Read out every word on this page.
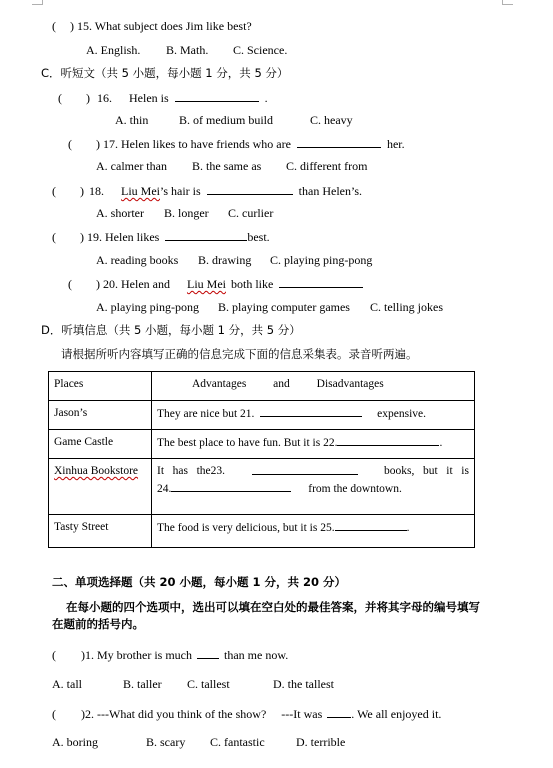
( ) 15. What subject does Jim like best?
A. English. B. Math. C. Science.
C．听短文（共 5 小题，每小题 1 分，共 5 分）
( ) 16. Helen is	.
A. thin	B. of medium build	C. heavy
( ) 17. Helen likes to have friends who are	her.
A. calmer than B. the same as C. different from
( ) 18. Liu Mei’s hair is	than Helen’s.
A. shorter B. longer C. curlier
( ) 19. Helen likes	best.
A. reading books B. drawing C. playing ping-pong
( ) 20. Helen and Liu Mei both like
A. playing ping-pong B. playing computer games C. telling jokes
D．听填信息（共 5 小题，每小题 1 分，共 5 分）
请根据所听内容填写正确的信息完成下面的信息采集表。录音听两遍。
Places	Advantages and Disadvantages
Jason’s	They are nice but 21. expensive.
Game Castle	The best place to have fun. But it is 22. .
Xinhua Bookstore	It   has   the23. books,   but   it   is
24. from the downtown.

Tasty Street	The food is very delicious, but it is 25. .
二、单项选择题（共 20 小题，每小题 1 分，共 20 分）
在每小题的四个选项中，选出可以填在空白处的最佳答案，并将其字母的编号填写
在题前的括号内。
( )1. My brother is much	than me now.
A. tall	B. taller C. tallest	D. the tallest
( )2. ---What did you think of the show?     ---It was . We all enjoyed it.
A. boring	B. scary C. fantastic	D. terrible
